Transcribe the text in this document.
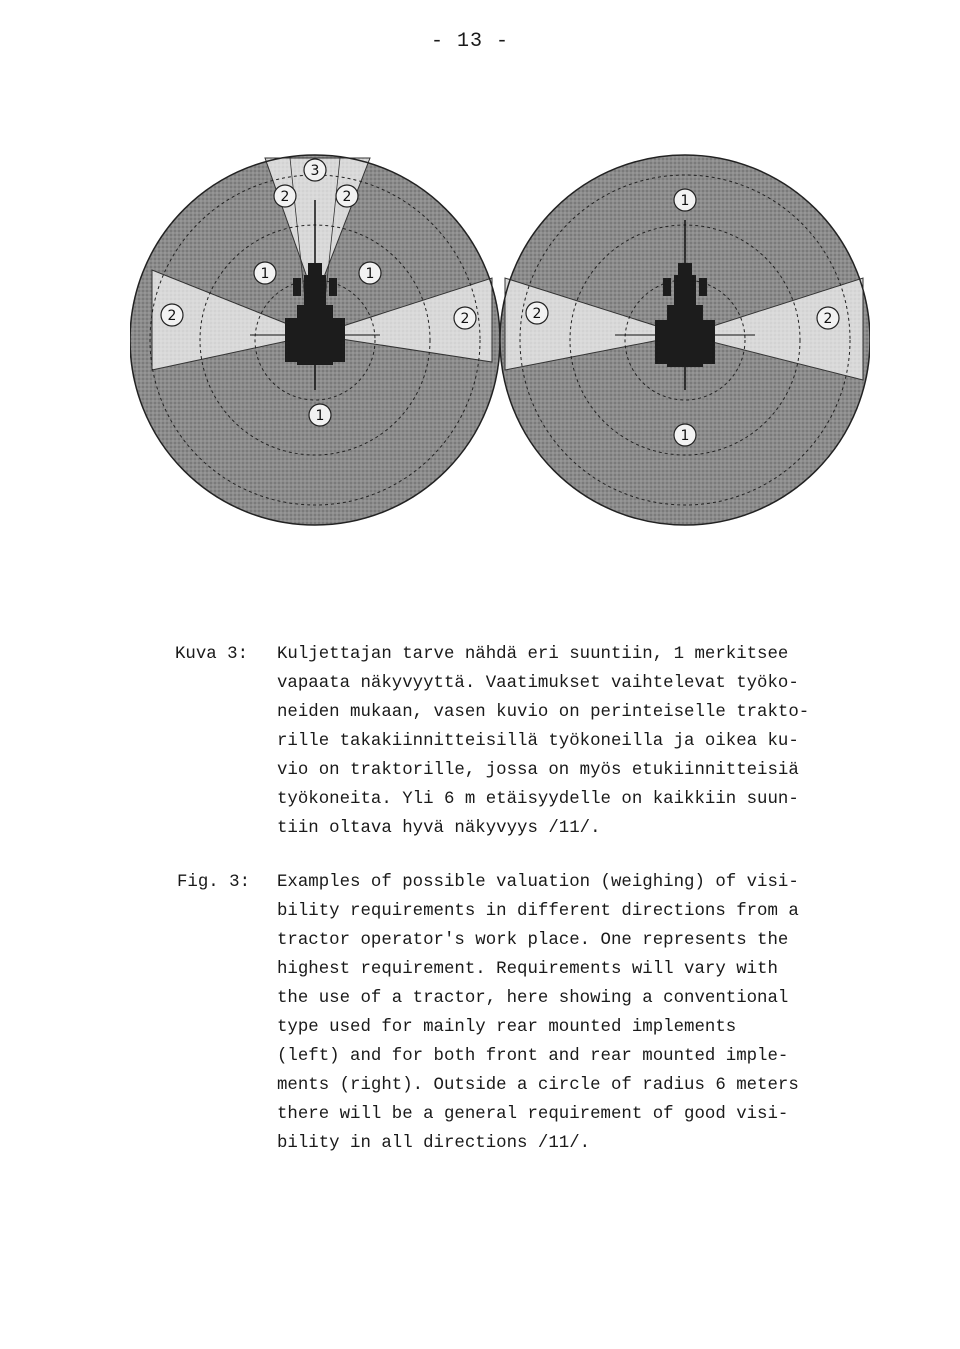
- 13 -
3
2	2
1	1
2	2
1
1
2	2
1
Kuva 3: Kuljettajan tarve nähdä eri suuntiin, 1 merkitsee
vapaata näkyvyyttä. Vaatimukset vaihtelevat työko-
neiden mukaan, vasen kuvio on perinteiselle trakto-
rille takakiinnitteisillä työkoneilla ja oikea ku-
vio on traktorille, jossa on myös etukiinnitteisiä
työkoneita. Yli 6 m etäisyydelle on kaikkiin suun-
tiin oltava hyvä näkyvyys /11/.
Fig. 3: Examples of possible valuation (weighing) of visi-
bility requirements in different directions from a
tractor operator's work place. One represents the
highest requirement. Requirements will vary with
the use of a tractor, here showing a conventional
type used for mainly rear mounted implements
(left) and for both front and rear mounted imple-
ments (right). Outside a circle of radius 6 meters
there will be a general requirement of good visi-
bility in all directions /11/.
